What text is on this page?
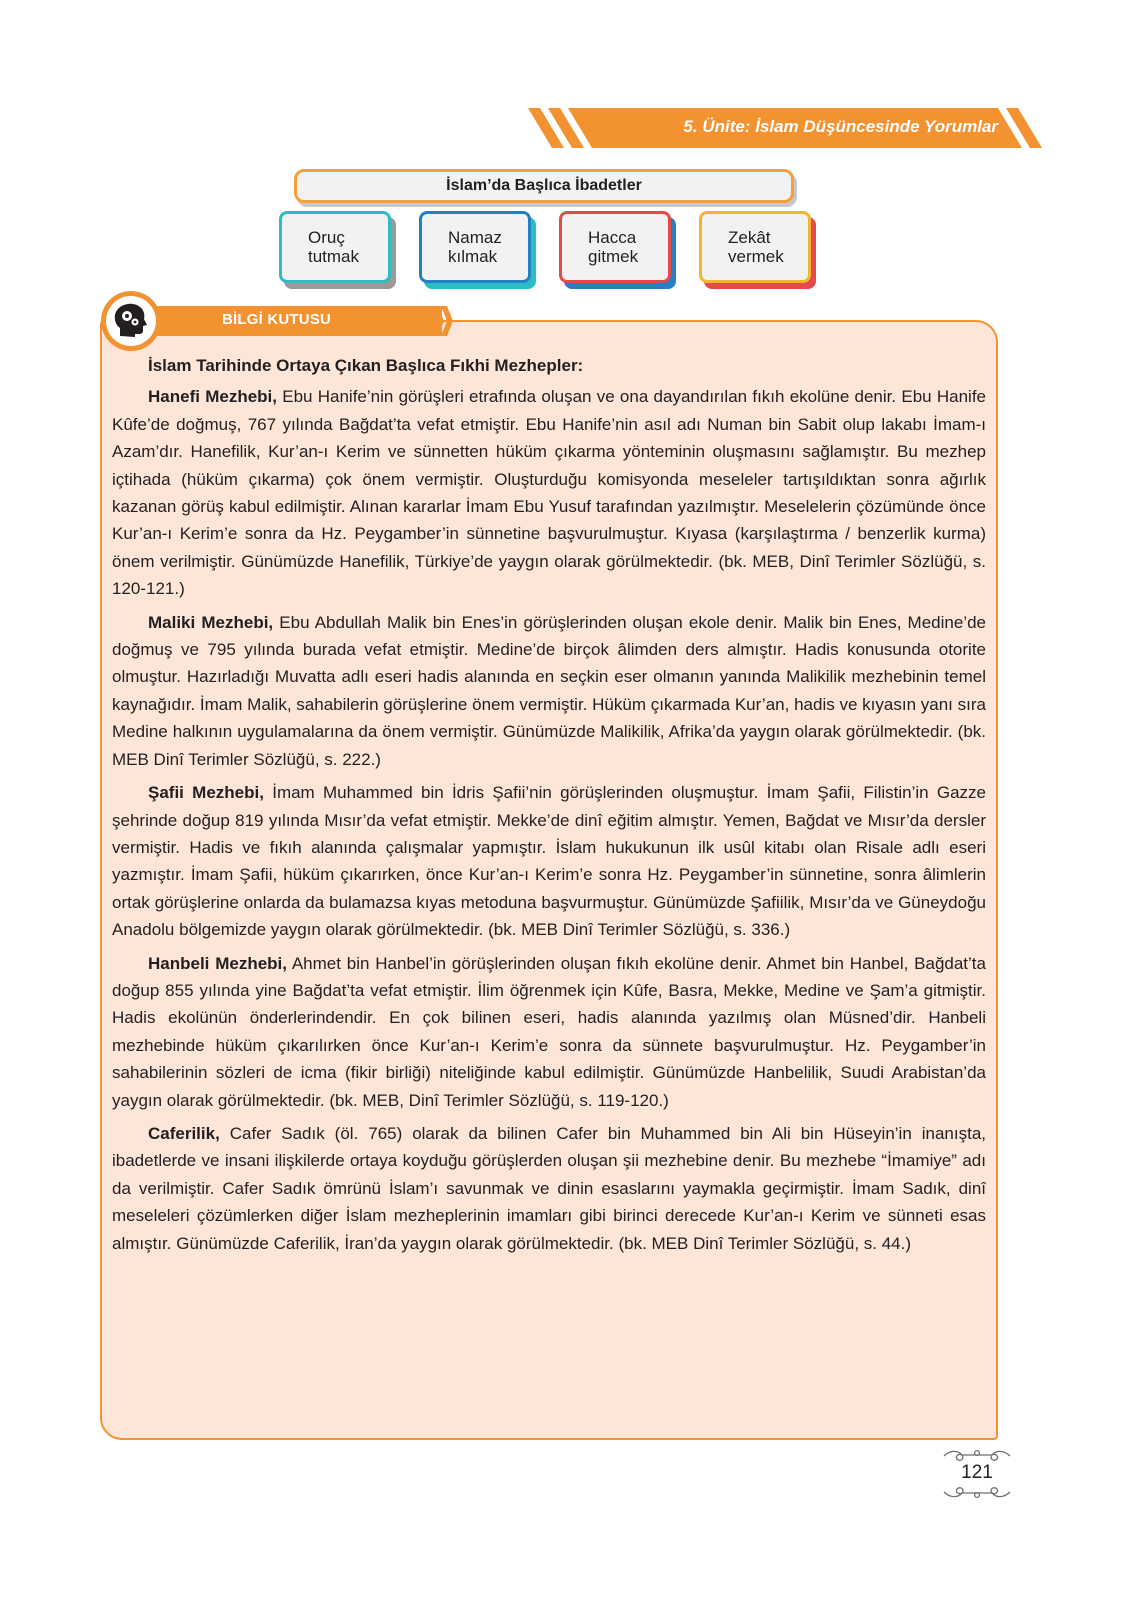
5. Ünite: İslam Düşüncesinde Yorumlar
İslam’da Başlıca İbadetler
Oruç
tutmak
Namaz
kılmak
Hacca
gitmek
Zekât
vermek
BİLGİ KUTUSU

İslam Tarihinde Ortaya Çıkan Başlıca Fıkhi Mezhepler:

Hanefi Mezhebi, Ebu Hanife’nin görüşleri etrafında oluşan ve ona dayandırılan fıkıh ekolüne denir. Ebu Hanife Kûfe’de doğmuş, 767 yılında Bağdat’ta vefat etmiştir. Ebu Hanife’nin asıl adı Numan bin Sabit olup lakabı İmam-ı Azam’dır. Hanefilik, Kur’an-ı Kerim ve sünnetten hüküm çıkarma yönteminin oluşmasını sağlamıştır. Bu mezhep içtihada (hüküm çıkarma) çok önem vermiştir. Oluşturduğu komisyonda meseleler tartışıldıktan sonra ağırlık kazanan görüş kabul edilmiştir. Alınan kararlar İmam Ebu Yusuf tarafından yazılmıştır. Meselelerin çözümünde önce Kur’an-ı Kerim’e sonra da Hz. Peygamber’in sünnetine başvurulmuştur. Kıyasa (karşılaştırma / benzerlik kurma) önem verilmiştir. Günümüzde Hanefilik, Türkiye’de yaygın olarak görülmektedir. (bk. MEB, Dinî Terimler Sözlüğü, s. 120-121.)

Maliki Mezhebi, Ebu Abdullah Malik bin Enes’in görüşlerinden oluşan ekole denir. Malik bin Enes, Medine’de doğmuş ve 795 yılında burada vefat etmiştir. Medine’de birçok âlimden ders almıştır. Hadis konusunda otorite olmuştur. Hazırladığı Muvatta adlı eseri hadis alanında en seçkin eser olmanın yanında Malikilik mezhebinin temel kaynağıdır. İmam Malik, sahabilerin görüşlerine önem vermiştir. Hüküm çıkarmada Kur’an, hadis ve kıyasın yanı sıra Medine halkının uygulamalarına da önem vermiştir. Günümüzde Malikilik, Afrika’da yaygın olarak görülmektedir. (bk. MEB Dinî Terimler Sözlüğü, s. 222.)

Şafii Mezhebi, İmam Muhammed bin İdris Şafii’nin görüşlerinden oluşmuştur. İmam Şafii, Filistin’in Gazze şehrinde doğup 819 yılında Mısır’da vefat etmiştir. Mekke’de dinî eğitim almıştır. Yemen, Bağdat ve Mısır’da dersler vermiştir. Hadis ve fıkıh alanında çalışmalar yapmıştır. İslam hukukunun ilk usûl kitabı olan Risale adlı eseri yazmıştır. İmam Şafii, hüküm çıkarırken, önce Kur’an-ı Kerim’e sonra Hz. Peygamber’in sünnetine, sonra âlimlerin ortak görüşlerine onlarda da bulamazsa kıyas metoduna başvurmuştur. Günümüzde Şafiilik, Mısır’da ve Güneydoğu Anadolu bölgemizde yaygın olarak görülmektedir. (bk. MEB Dinî Terimler Sözlüğü, s. 336.)

Hanbeli Mezhebi, Ahmet bin Hanbel’in görüşlerinden oluşan fıkıh ekolüne denir. Ahmet bin Hanbel, Bağdat’ta doğup 855 yılında yine Bağdat’ta vefat etmiştir. İlim öğrenmek için Kûfe, Basra, Mekke, Medine ve Şam’a gitmiştir. Hadis ekolünün önderlerindendir. En çok bilinen eseri, hadis alanında yazılmış olan Müsned’dir. Hanbeli mezhebinde hüküm çıkarılırken önce Kur’an-ı Kerim’e sonra da sünnete başvurulmuştur. Hz. Peygamber’in sahabilerinin sözleri de icma (fikir birliği) niteliğinde kabul edilmiştir. Günümüzde Hanbelilik, Suudi Arabistan’da yaygın olarak görülmektedir. (bk. MEB, Dinî Terimler Sözlüğü, s. 119-120.)

Caferilik, Cafer Sadık (öl. 765) olarak da bilinen Cafer bin Muhammed bin Ali bin Hüseyin’in inanışta, ibadetlerde ve insani ilişkilerde ortaya koyduğu görüşlerden oluşan şii mezhebine denir. Bu mezhebe “İmamiye” adı da verilmiştir. Cafer Sadık ömrünü İslam’ı savunmak ve dinin esaslarını yaymakla geçirmiştir. İmam Sadık, dinî meseleleri çözümlerken diğer İslam mezheplerinin imamları gibi birinci derecede Kur’an-ı Kerim ve sünneti esas almıştır. Günümüzde Caferilik, İran’da yaygın olarak görülmektedir. (bk. MEB Dinî Terimler Sözlüğü, s. 44.)

121
